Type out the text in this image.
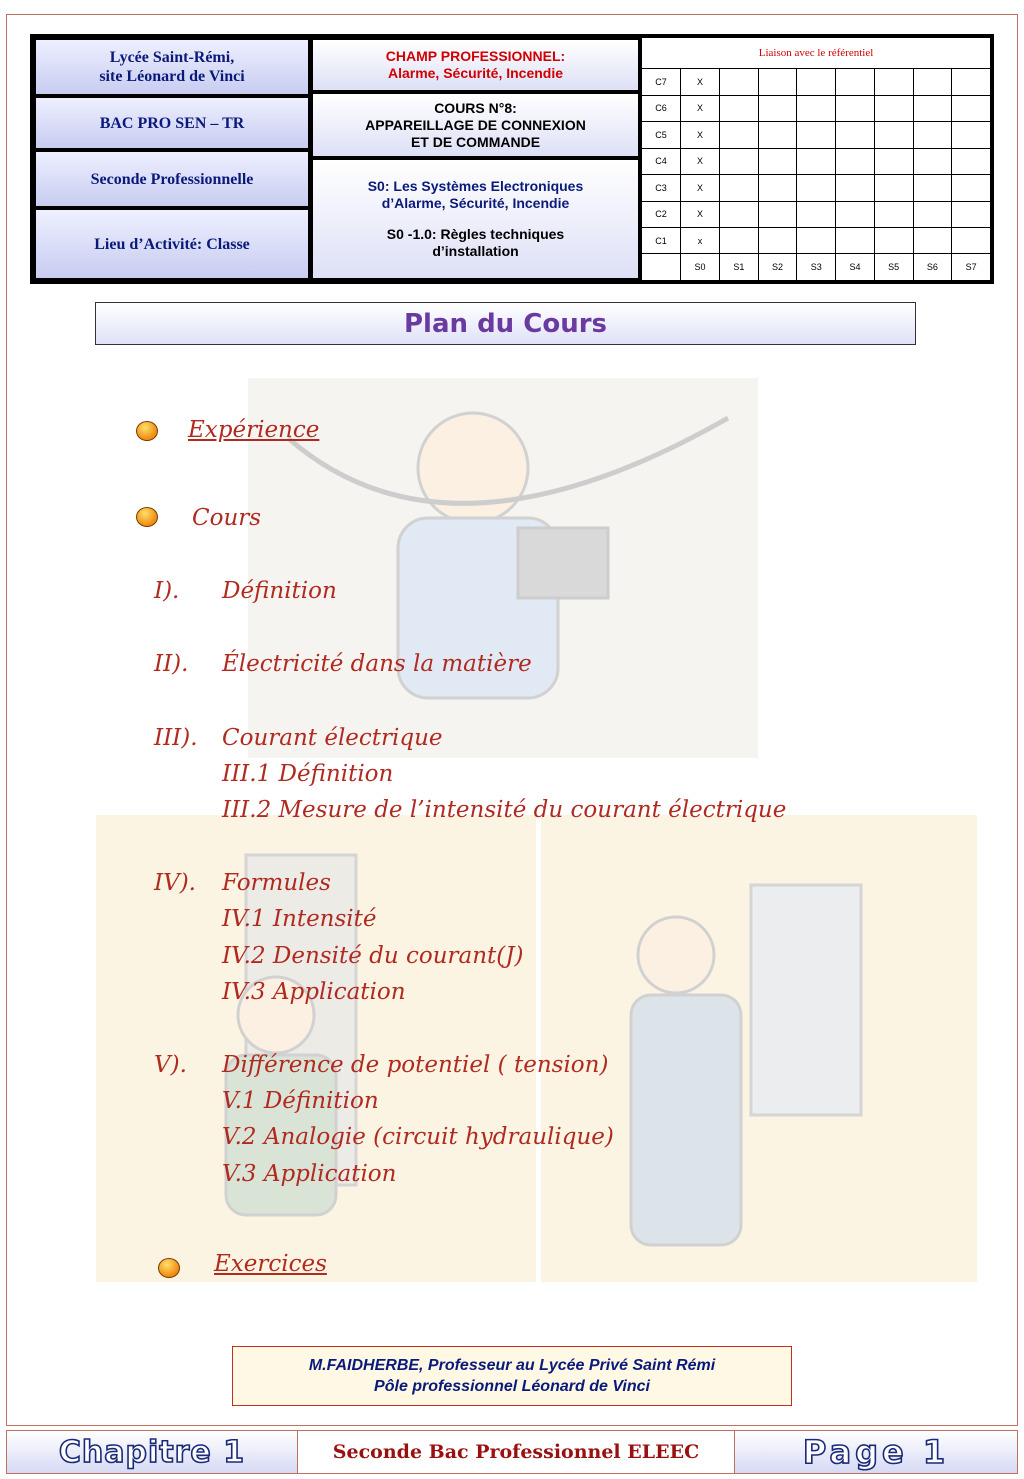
Lycée Saint-Rémi,
site Léonard de Vinci
BAC PRO SEN – TR
Seconde Professionnelle
Lieu d’Activité: Classe
CHAMP PROFESSIONNEL:
Alarme, Sécurité, Incendie
COURS N°8:
APPAREILLAGE DE CONNEXION
ET DE COMMANDE
S0: Les Systèmes Electroniques
d’Alarme, Sécurité, Incendie
S0 -1.0: Règles techniques
d’installation
Liaison avec le référentiel								
C7	X							
C6	X							
C5	X							
C4	X							
C3	X							
C2	X							
C1	x							
	S0	S1	S2	S3	S4	S5	S6	S7
Plan du Cours
Expérience
Cours
I). Définition
II). Électricité dans la matière
III). Courant électrique
III.1 Définition
III.2 Mesure de l’intensité du courant électrique
IV). Formules
IV.1 Intensité
IV.2 Densité du courant(J)
IV.3 Application
V). Différence de potentiel ( tension)
V.1 Définition
V.2 Analogie (circuit hydraulique)
V.3 Application
Exercices
M.FAIDHERBE, Professeur au Lycée Privé Saint Rémi
Pôle professionnel Léonard de Vinci
Chapitre 1	Seconde Bac Professionnel ELEEC	Page 1
